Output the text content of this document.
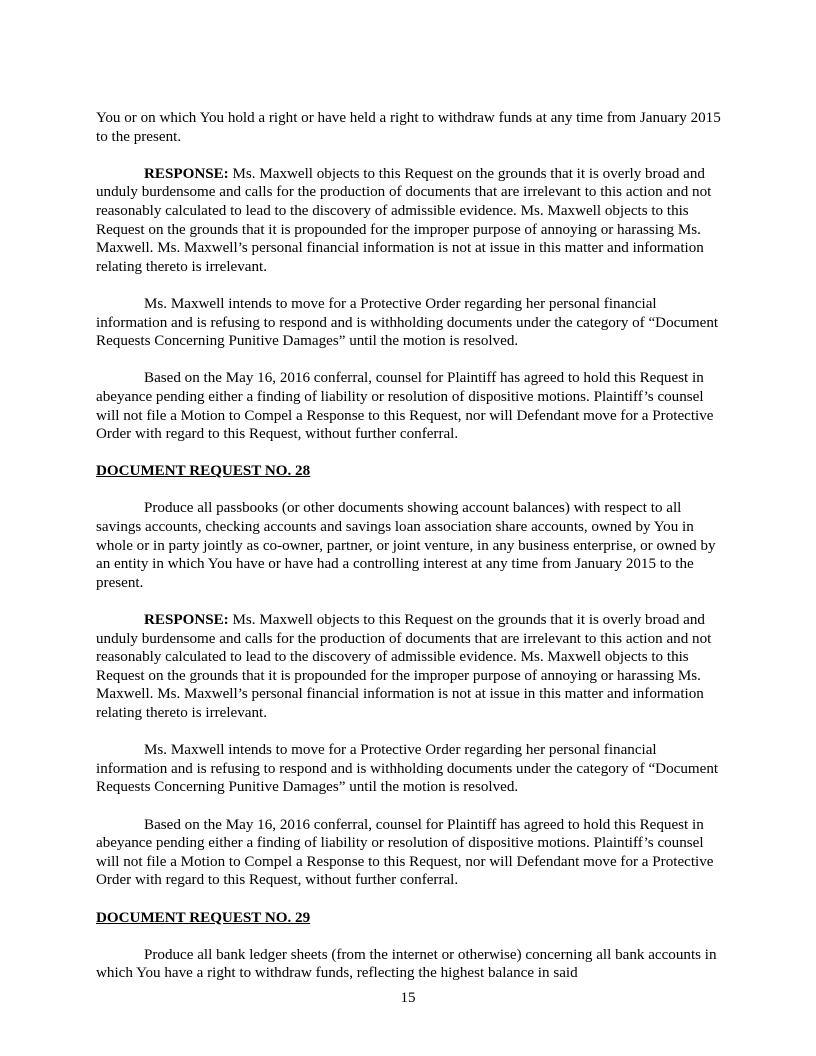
You or on which You hold a right or have held a right to withdraw funds at any time from January 2015 to the present.

RESPONSE: Ms. Maxwell objects to this Request on the grounds that it is overly broad and unduly burdensome and calls for the production of documents that are irrelevant to this action and not reasonably calculated to lead to the discovery of admissible evidence. Ms. Maxwell objects to this Request on the grounds that it is propounded for the improper purpose of annoying or harassing Ms. Maxwell. Ms. Maxwell’s personal financial information is not at issue in this matter and information relating thereto is irrelevant.

Ms. Maxwell intends to move for a Protective Order regarding her personal financial information and is refusing to respond and is withholding documents under the category of “Document Requests Concerning Punitive Damages” until the motion is resolved.

Based on the May 16, 2016 conferral, counsel for Plaintiff has agreed to hold this Request in abeyance pending either a finding of liability or resolution of dispositive motions. Plaintiff’s counsel will not file a Motion to Compel a Response to this Request, nor will Defendant move for a Protective Order with regard to this Request, without further conferral.

DOCUMENT REQUEST NO. 28

Produce all passbooks (or other documents showing account balances) with respect to all savings accounts, checking accounts and savings loan association share accounts, owned by You in whole or in party jointly as co-owner, partner, or joint venture, in any business enterprise, or owned by an entity in which You have or have had a controlling interest at any time from January 2015 to the present.

RESPONSE: Ms. Maxwell objects to this Request on the grounds that it is overly broad and unduly burdensome and calls for the production of documents that are irrelevant to this action and not reasonably calculated to lead to the discovery of admissible evidence. Ms. Maxwell objects to this Request on the grounds that it is propounded for the improper purpose of annoying or harassing Ms. Maxwell. Ms. Maxwell’s personal financial information is not at issue in this matter and information relating thereto is irrelevant.

Ms. Maxwell intends to move for a Protective Order regarding her personal financial information and is refusing to respond and is withholding documents under the category of “Document Requests Concerning Punitive Damages” until the motion is resolved.

Based on the May 16, 2016 conferral, counsel for Plaintiff has agreed to hold this Request in abeyance pending either a finding of liability or resolution of dispositive motions. Plaintiff’s counsel will not file a Motion to Compel a Response to this Request, nor will Defendant move for a Protective Order with regard to this Request, without further conferral.

DOCUMENT REQUEST NO. 29

Produce all bank ledger sheets (from the internet or otherwise) concerning all bank accounts in which You have a right to withdraw funds, reflecting the highest balance in said

15
